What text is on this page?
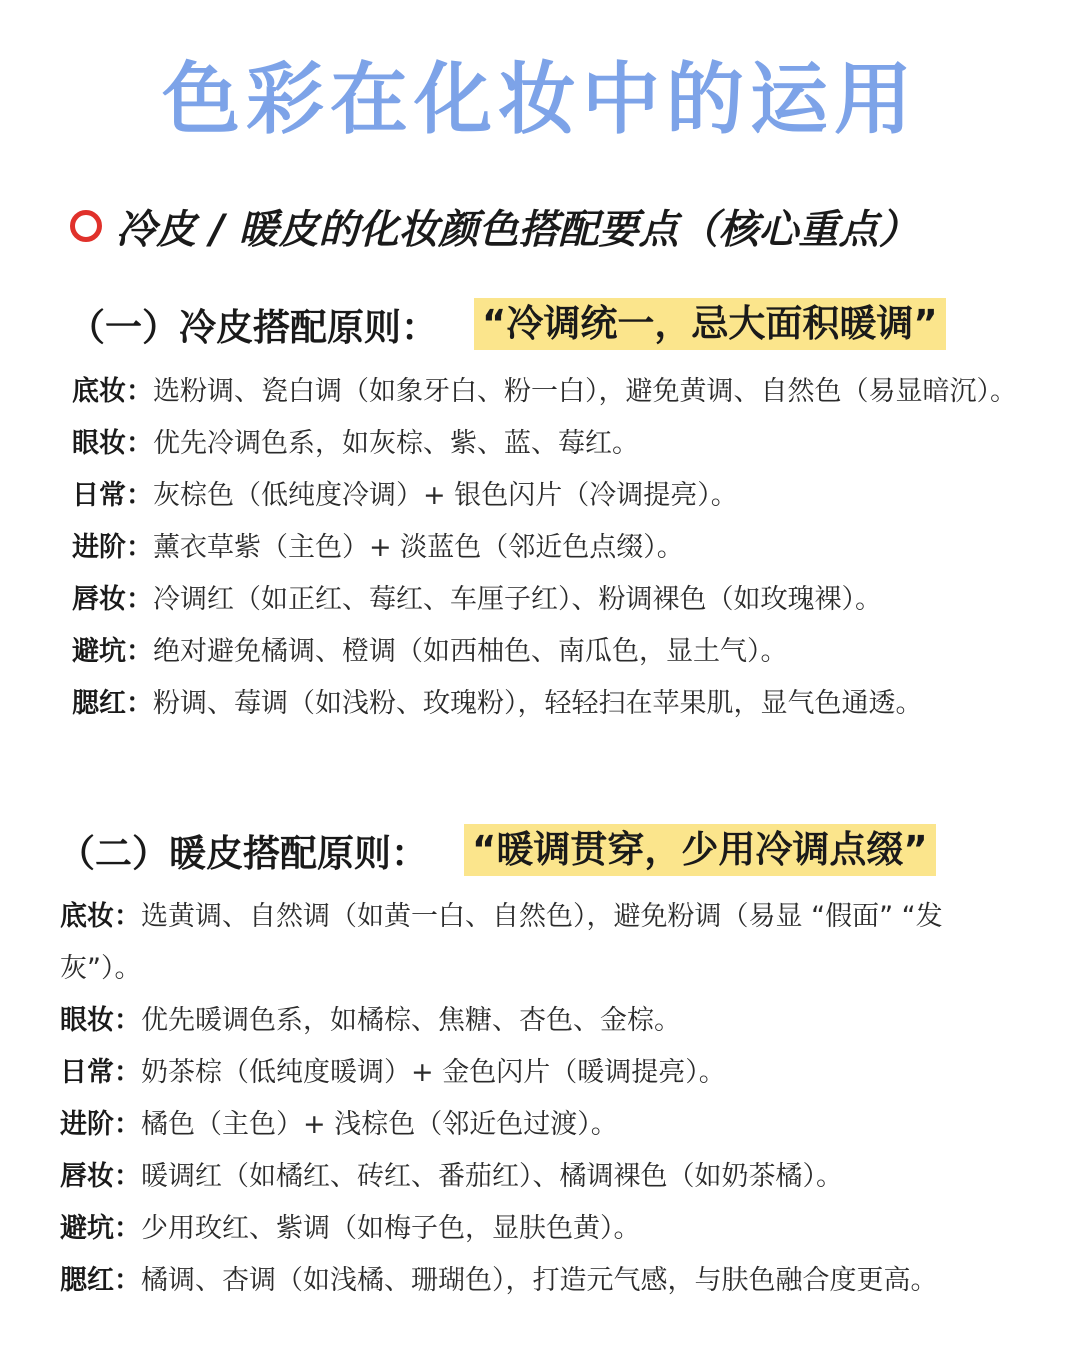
色彩在化妆中的运用
冷皮 / 暖皮的化妆颜色搭配要点（核心重点）
（一）冷皮搭配原则： “冷调统一，忌大面积暖调”
底妆：选粉调、瓷白调（如象牙白、粉一白），避免黄调、自然色（易显暗沉）。
眼妆：优先冷调色系，如灰棕、紫、蓝、莓红。
日常：灰棕色（低纯度冷调）+ 银色闪片（冷调提亮）。
进阶：薰衣草紫（主色）+ 淡蓝色（邻近色点缀）。
唇妆：冷调红（如正红、莓红、车厘子红）、粉调裸色（如玫瑰裸）。
避坑：绝对避免橘调、橙调（如西柚色、南瓜色，显土气）。
腮红：粉调、莓调（如浅粉、玫瑰粉），轻轻扫在苹果肌，显气色通透。
（二）暖皮搭配原则： “暖调贯穿，少用冷调点缀”
底妆：选黄调、自然调（如黄一白、自然色），避免粉调（易显 “假面” “发灰”）。
眼妆：优先暖调色系，如橘棕、焦糖、杏色、金棕。
日常：奶茶棕（低纯度暖调）+ 金色闪片（暖调提亮）。
进阶：橘色（主色）+ 浅棕色（邻近色过渡）。
唇妆：暖调红（如橘红、砖红、番茄红）、橘调裸色（如奶茶橘）。
避坑：少用玫红、紫调（如梅子色，显肤色黄）。
腮红：橘调、杏调（如浅橘、珊瑚色），打造元气感，与肤色融合度更高。
